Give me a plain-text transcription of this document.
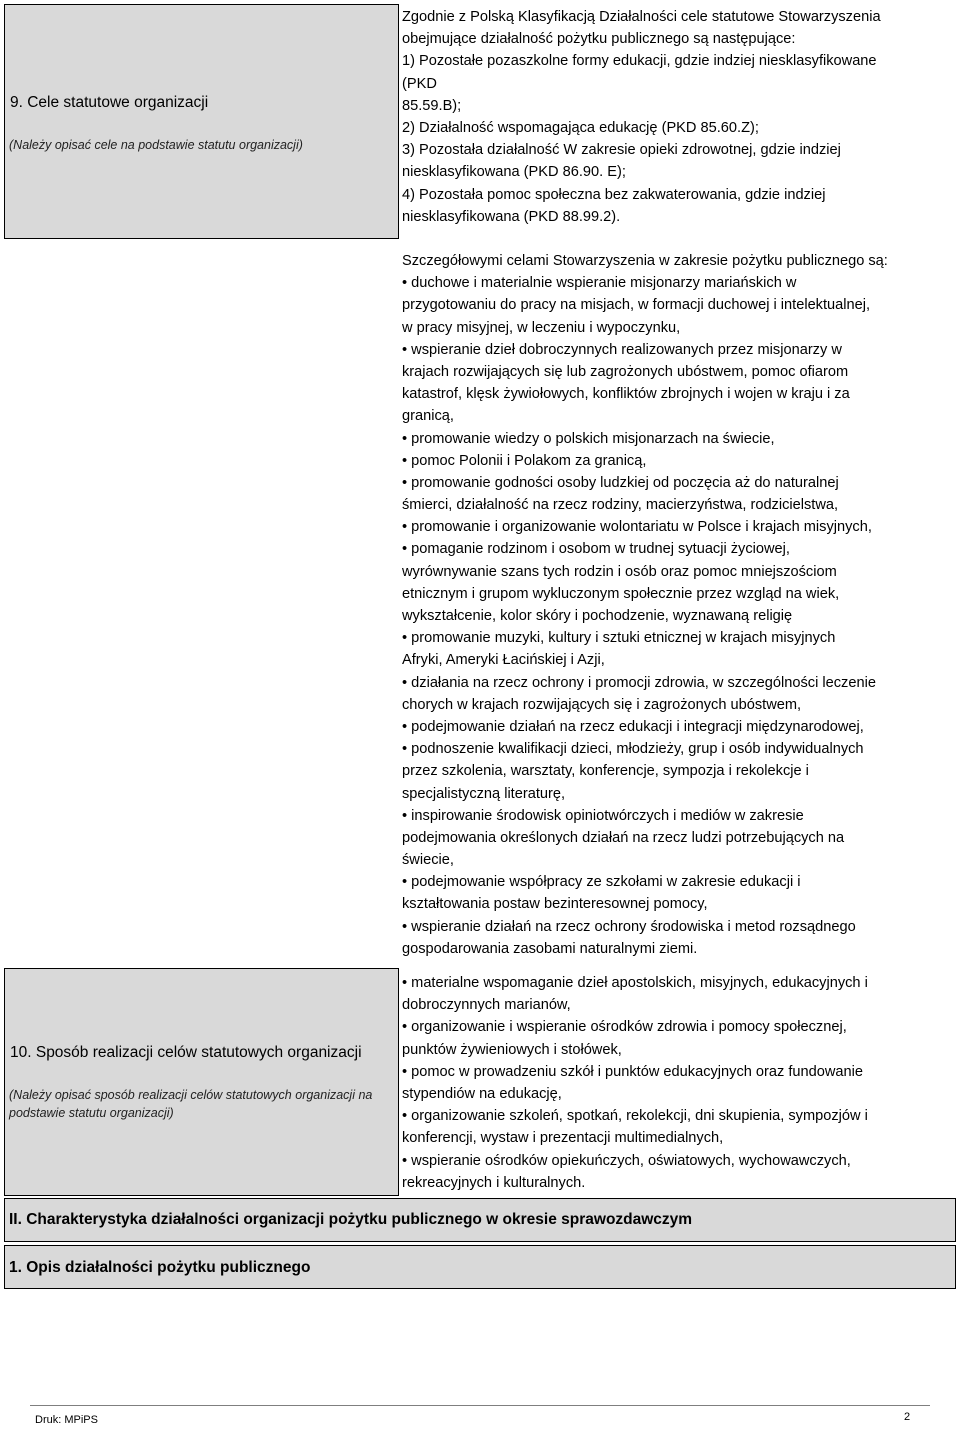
9. Cele statutowe organizacji
(Należy opisać cele na podstawie statutu organizacji)
Zgodnie z Polską Klasyfikacją Działalności cele statutowe Stowarzyszenia
obejmujące działalność pożytku publicznego są następujące:
1) Pozostałe pozaszkolne formy edukacji, gdzie indziej niesklasyfikowane
(PKD
85.59.B);
2) Działalność wspomagająca edukację (PKD 85.60.Z);
3) Pozostała działalność W zakresie opieki zdrowotnej, gdzie indziej
niesklasyfikowana (PKD 86.90. E);
4) Pozostała pomoc społeczna bez zakwaterowania, gdzie indziej
niesklasyfikowana (PKD 88.99.2).
Szczegółowymi celami Stowarzyszenia w zakresie pożytku publicznego są:
• duchowe i materialnie wspieranie misjonarzy mariańskich w
przygotowaniu do pracy na misjach, w formacji duchowej i intelektualnej,
w pracy misyjnej, w leczeniu i wypoczynku,
• wspieranie dzieł dobroczynnych realizowanych przez misjonarzy w
krajach rozwijających się lub zagrożonych ubóstwem, pomoc ofiarom
katastrof, klęsk żywiołowych, konfliktów zbrojnych i wojen w kraju i za
granicą,
• promowanie wiedzy o polskich misjonarzach na świecie,
• pomoc Polonii i Polakom za granicą,
• promowanie godności osoby ludzkiej od poczęcia aż do naturalnej
śmierci, działalność na rzecz rodziny, macierzyństwa, rodzicielstwa,
• promowanie i organizowanie wolontariatu w Polsce i krajach misyjnych,
• pomaganie rodzinom i osobom w trudnej sytuacji życiowej,
wyrównywanie szans tych rodzin i osób oraz pomoc mniejszościom
etnicznym i grupom wykluczonym społecznie przez wzgląd na wiek,
wykształcenie, kolor skóry i pochodzenie, wyznawaną religię
• promowanie muzyki, kultury i sztuki etnicznej w krajach misyjnych
Afryki, Ameryki Łacińskiej i Azji,
• działania na rzecz ochrony i promocji zdrowia, w szczególności leczenie
chorych w krajach rozwijających się i zagrożonych ubóstwem,
• podejmowanie działań na rzecz edukacji i integracji międzynarodowej,
• podnoszenie kwalifikacji dzieci, młodzieży, grup i osób indywidualnych
przez szkolenia, warsztaty, konferencje, sympozja i rekolekcje i
specjalistyczną literaturę,
• inspirowanie środowisk opiniotwórczych i mediów w zakresie
podejmowania określonych działań na rzecz ludzi potrzebujących na
świecie,
• podejmowanie współpracy ze szkołami w zakresie edukacji i
kształtowania postaw bezinteresownej pomocy,
• wspieranie działań na rzecz ochrony środowiska i metod rozsądnego
gospodarowania zasobami naturalnymi ziemi.
10. Sposób realizacji celów statutowych organizacji
(Należy opisać sposób realizacji celów statutowych organizacji na
podstawie statutu organizacji)
• materialne wspomaganie dzieł apostolskich, misyjnych, edukacyjnych i
dobroczynnych marianów,
• organizowanie i wspieranie ośrodków zdrowia i pomocy społecznej,
punktów żywieniowych i stołówek,
• pomoc w prowadzeniu szkół i punktów edukacyjnych oraz fundowanie
stypendiów na edukację,
• organizowanie szkoleń, spotkań, rekolekcji, dni skupienia, sympozjów i
konferencji, wystaw i prezentacji multimedialnych,
• wspieranie ośrodków opiekuńczych, oświatowych, wychowawczych,
rekreacyjnych i kulturalnych.
II. Charakterystyka działalności organizacji pożytku publicznego w okresie sprawozdawczym
1. Opis działalności pożytku publicznego
Druk: MPiPS	2
